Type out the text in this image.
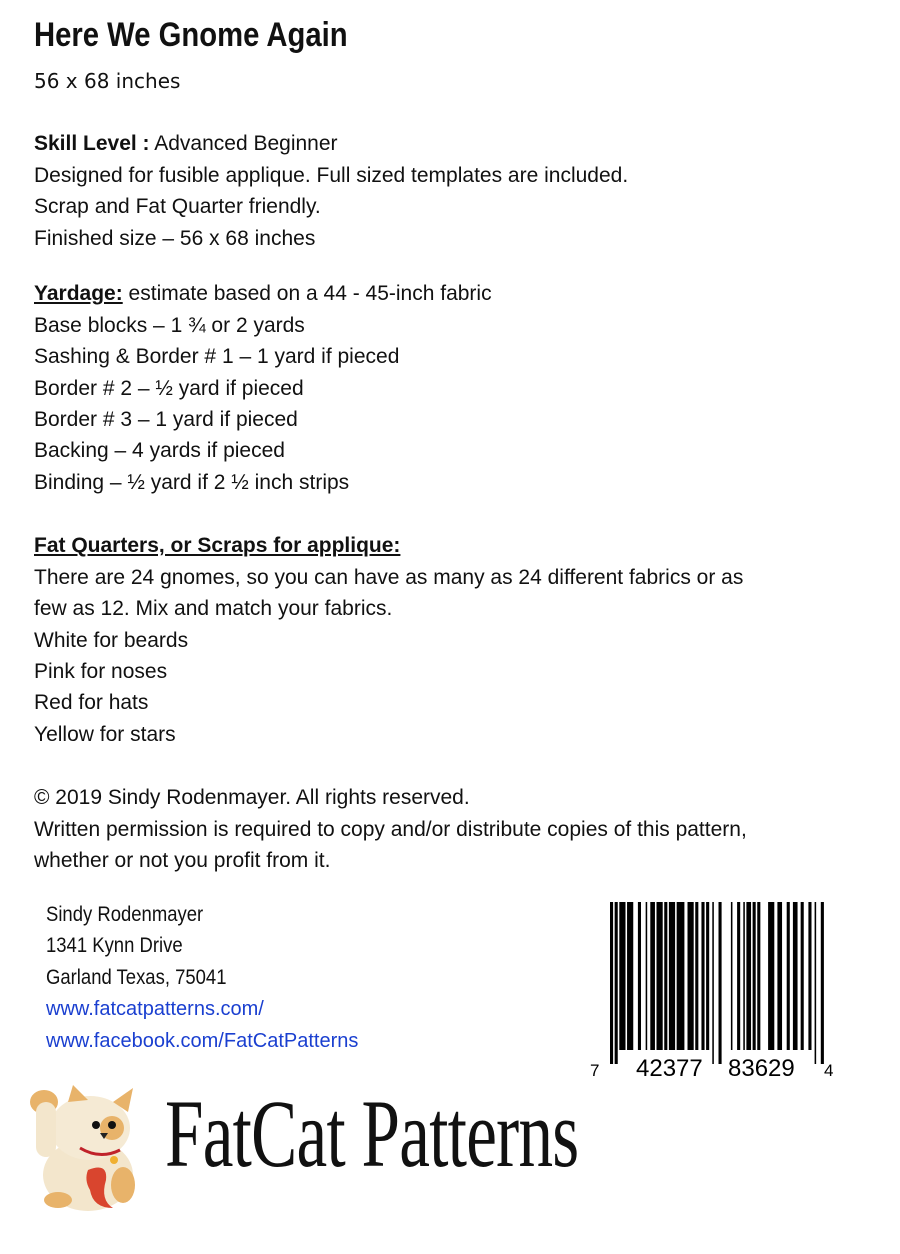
Here We Gnome Again
56 x 68 inches
Skill Level : Advanced Beginner
Designed for fusible applique. Full sized templates are included.
Scrap and Fat Quarter friendly.
Finished size – 56 x 68 inches
Yardage: estimate based on a 44 - 45-inch fabric
Base blocks – 1 ¾ or 2 yards
Sashing & Border # 1 – 1 yard if pieced
Border # 2 – ½ yard if pieced
Border # 3 – 1 yard if pieced
Backing – 4 yards if pieced
Binding – ½ yard if 2 ½ inch strips
Fat Quarters, or Scraps for applique:
There are 24 gnomes, so you can have as many as 24 different fabrics or as
few as 12. Mix and match your fabrics.
White for beards
Pink for noses
Red for hats
Yellow for stars
© 2019 Sindy Rodenmayer. All rights reserved.
Written permission is required to copy and/or distribute copies of this pattern,
whether or not you profit from it.
Sindy Rodenmayer
1341 Kynn Drive
Garland Texas, 75041
www.fatcatpatterns.com/
www.facebook.com/FatCatPatterns
7 42377 83629 4
FatCat Patterns
